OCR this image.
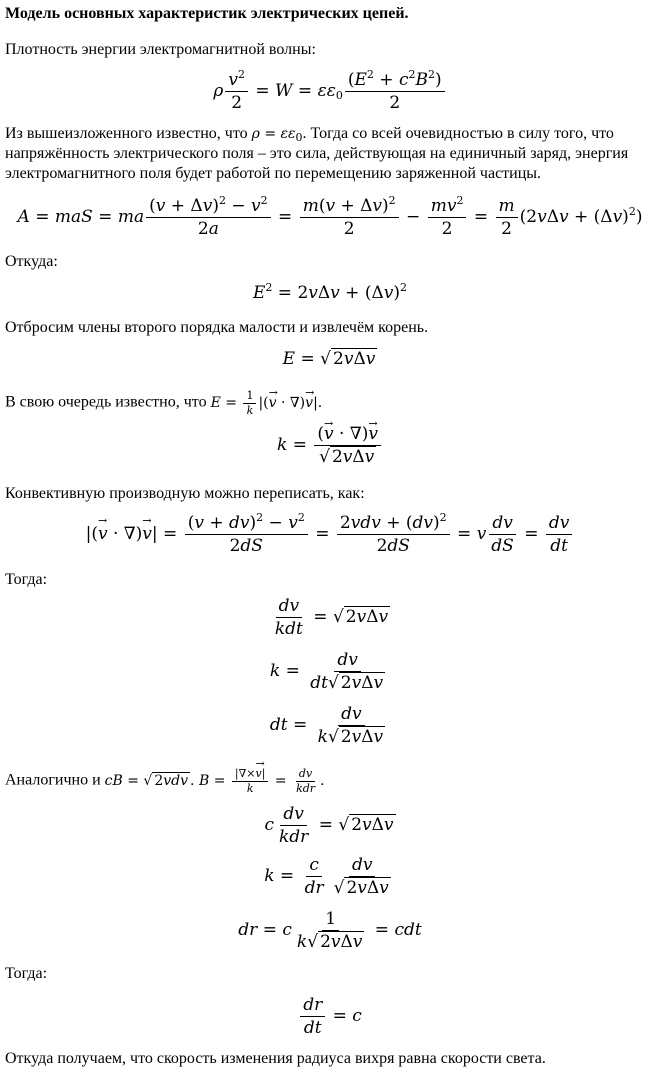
Модель основных характеристик электрических цепей.
Плотность энергии электромагнитной волны:
ρ $\frac{v^2}{2} = W = \varepsilon\varepsilon_0 \frac{(E^2 + c^2B^2)}{2}$
Из вышеизложенного известно, что $\rho = \varepsilon\varepsilon_0$. Тогда со всей очевидностью в силу того, что напряжённость электрического поля – это сила, действующая на единичный заряд, энергия электромагнитного поля будет работой по перемещению заряженной частицы.
A = maS = ma $\frac{(v + \Delta v)^2 - v^2}{2a} = \frac{m(v + \Delta v)^2}{2} - \frac{mv^2}{2} = \frac{m}{2} (2v\Delta v + (\Delta v)^2)$
Откуда:
$E^2 = 2v\Delta v + (\Delta v)^2$
Отбросим члены второго порядка малости и извлечём корень.
E = √ 2vΔv
В свою очередь известно, что $E = \frac{1}{k}$ |(→ v · ∇)→ v|.
$k = \frac{(\to v \cdot \nabla)\to v}{\text{√ 2vΔv}}$
Конвективную производную можно переписать, как:
|(→ v · ∇)→ $v| = \frac{(v + dv)^2 - v^2}{2dS} = \frac{2vdv + (dv)^2}{2dS} = v \frac{dv}{dS} = \frac{dv}{dt}$
Тогда:
$\frac{dv}{\text{kdt}}$ = √ 2vΔv
$k = \frac{dv}{\text{dt√ 2vΔv}}$
dt = $\frac{dv}{\text{k√ 2vΔv}}$
Аналогично и cB = √ 2vdv . $B = \frac{|\nabla\times\to v|}{k} = \frac{dv}{\text{kdr}}$ .
c $\frac{dv}{\text{kdr}}$ = √ 2vΔv
$k = \frac{c}{dr} \frac{dv}{\text{√ 2vΔv}}$
dr = c $\frac{1}{\text{k√ 2vΔv}}$ = cdt
Тогда:
$\frac{dr}{dt} = c$
Откуда получаем, что скорость изменения радиуса вихря равна скорости света.
